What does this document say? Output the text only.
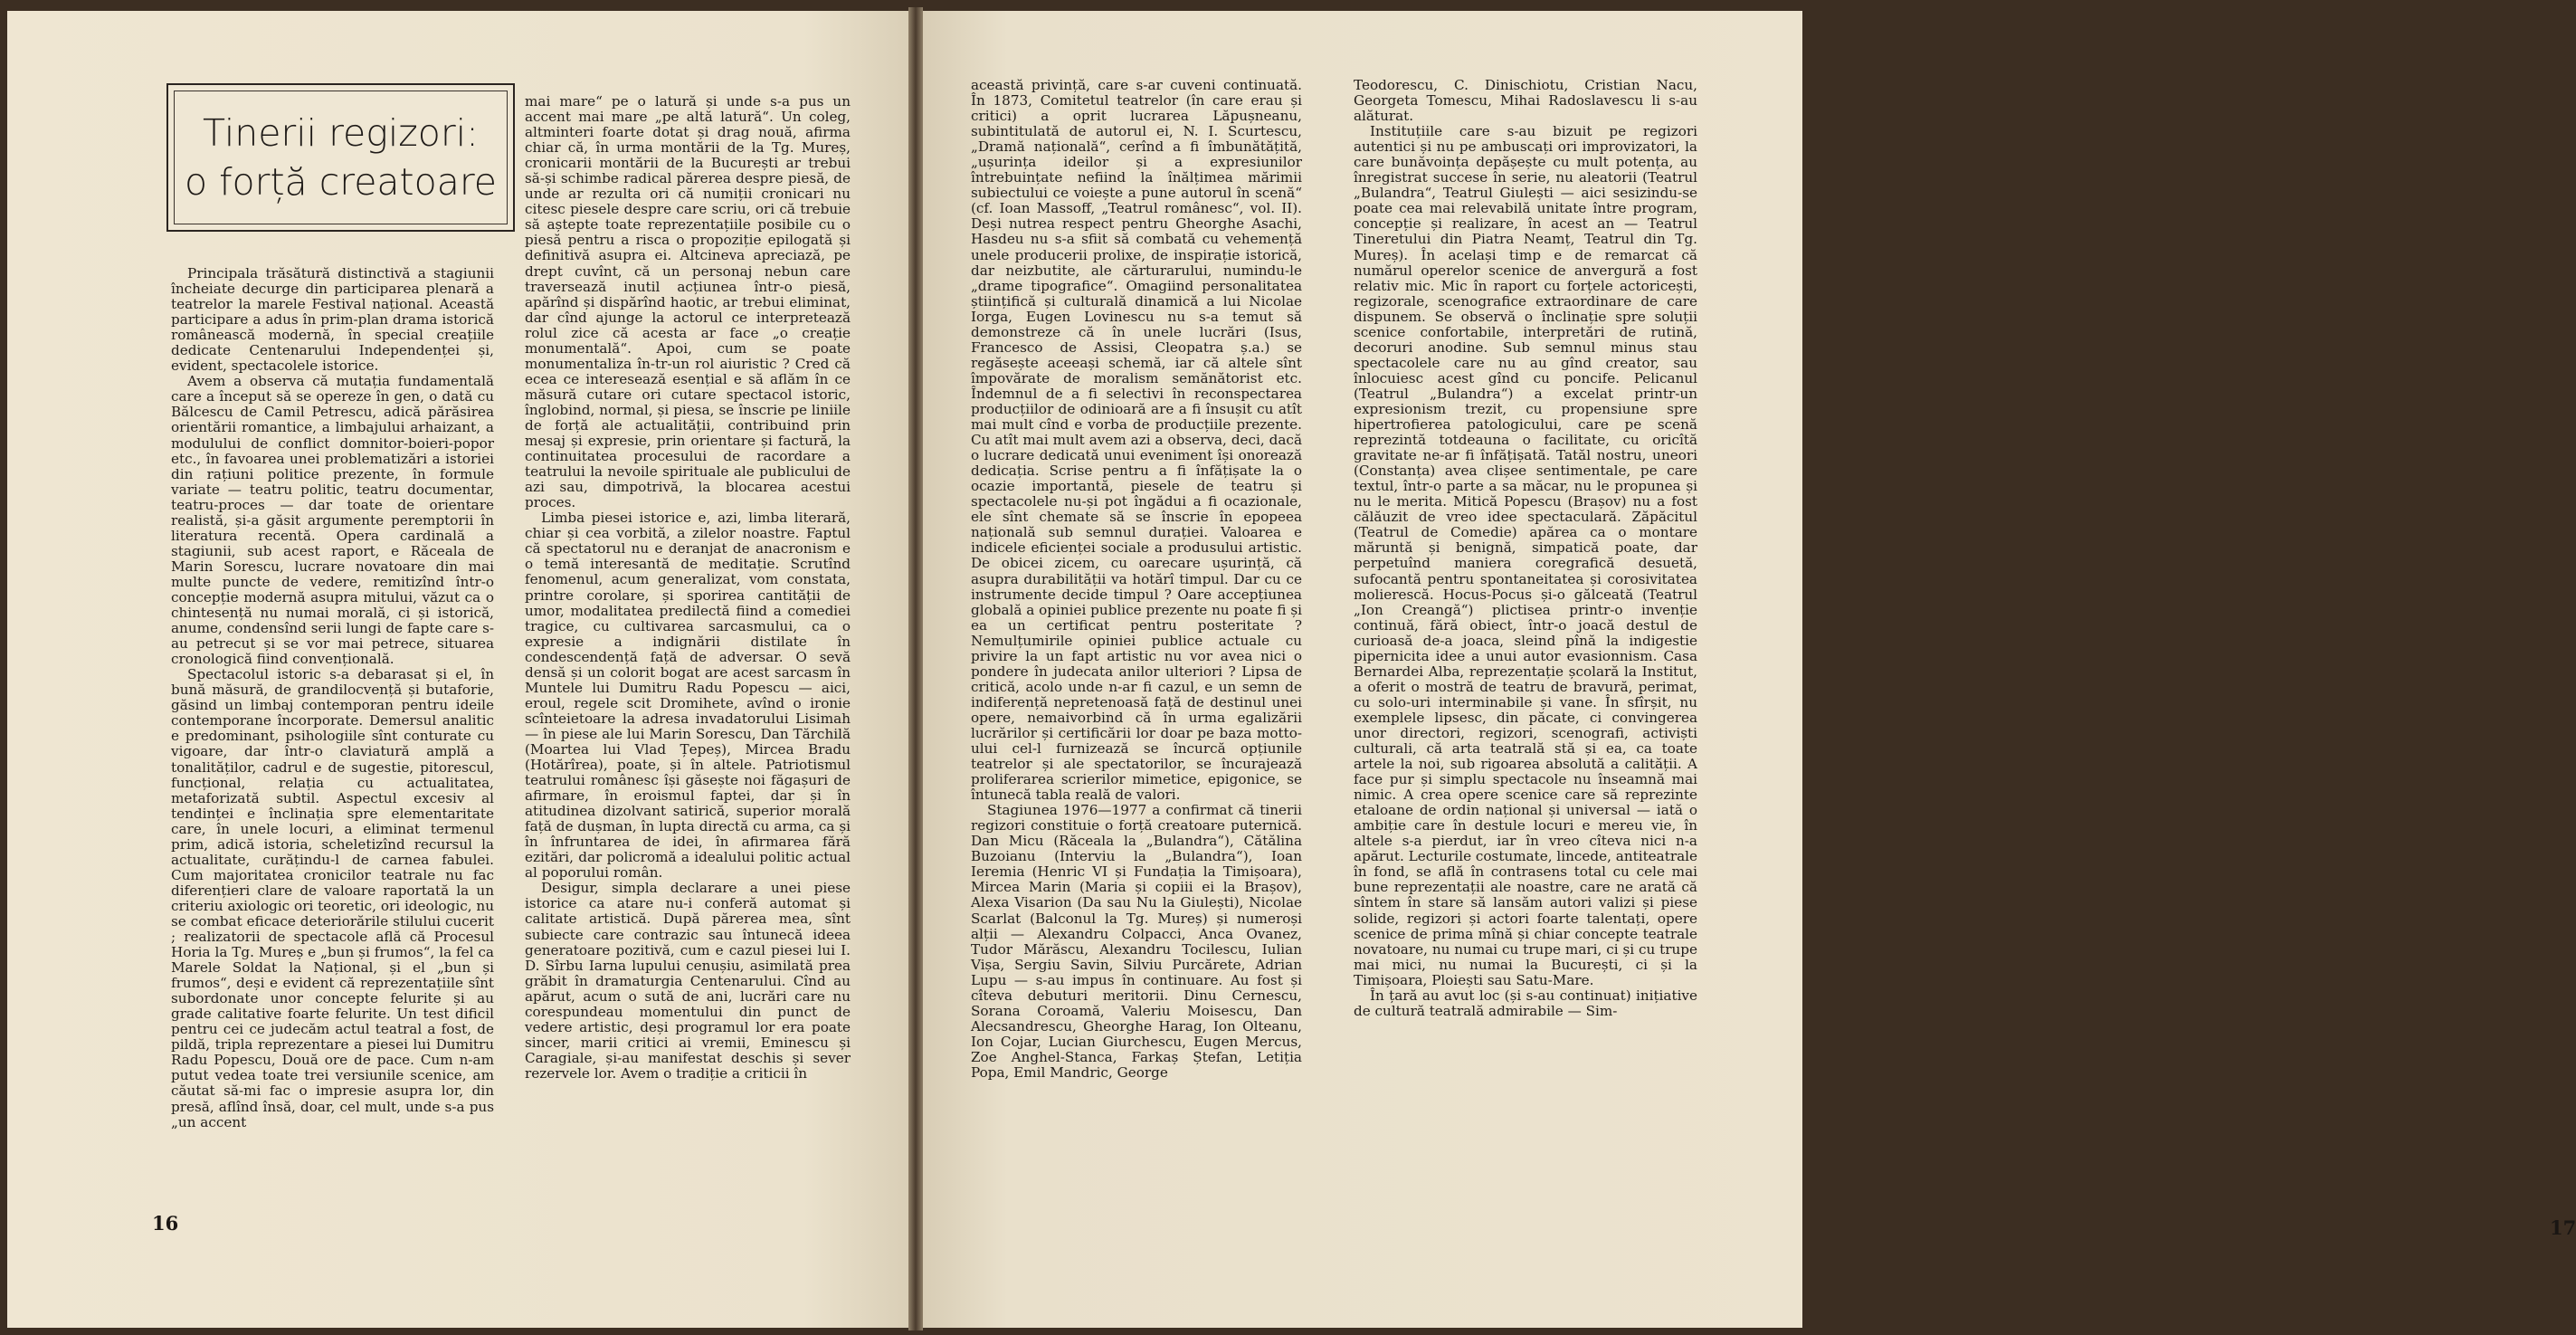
Tinerii regizori:
o forță creatoare
16	17

Principala trăsătură distinctivă a stagiunii încheiate decurge din participarea plenară a teatrelor la marele Festival național. Această participare a adus în prim-plan drama istorică românească modernă, în special creațiile dedicate Centenarului Independenței și, evident, spectacolele istorice.

Avem a observa că mutația fundamentală care a început să se opereze în gen, o dată cu Bălcescu de Camil Petrescu, adică părăsirea orientării romantice, a limbajului arhaizant, a modulului de conflict domnitor-boieri-popor etc., în favoarea unei problematizări a istoriei din rațiuni politice prezente, în formule variate — teatru politic, teatru documentar, teatru-proces — dar toate de orientare realistă, și-a găsit argumente peremptorii în literatura recentă. Opera cardinală a stagiunii, sub acest raport, e Răceala de Marin Sorescu, lucrare novatoare din mai multe puncte de vedere, remitizînd într-o concepție modernă asupra mitului, văzut ca o chintesență nu numai morală, ci și istorică, anume, condensînd serii lungi de fapte care s-au petrecut și se vor mai petrece, situarea cronologică fiind convențională.

Spectacolul istoric s-a debarasat și el, în bună măsură, de grandilocvență și butaforie, găsind un limbaj contemporan pentru ideile contemporane încorporate. Demersul analitic e predominant, psihologiile sînt conturate cu vigoare, dar într-o claviatură amplă a tonalităților, cadrul e de sugestie, pitorescul, funcțional, relația cu actualitatea, metaforizată subtil. Aspectul excesiv al tendinței e înclinația spre elementaritate care, în unele locuri, a eliminat termenul prim, adică istoria, scheletizînd recursul la actualitate, curățindu-l de carnea fabulei. Cum majoritatea cronicilor teatrale nu fac diferențieri clare de valoare raportată la un criteriu axiologic ori teoretic, ori ideologic, nu se combat eficace deteriorările stilului cucerit ; realizatorii de spectacole află că Procesul Horia la Tg. Mureș e „bun și frumos“, la fel ca Marele Soldat la Național, și el „bun și frumos“, deși e evident că reprezentațiile sînt subordonate unor concepte felurite și au grade calitative foarte felurite. Un test dificil pentru cei ce judecăm actul teatral a fost, de pildă, tripla reprezentare a piesei lui Dumitru Radu Popescu, Două ore de pace. Cum n-am putut vedea toate trei versiunile scenice, am căutat să-mi fac o impresie asupra lor, din presă, aflînd însă, doar, cel mult, unde s-a pus „un accent

mai mare“ pe o latură și unde s-a pus un accent mai mare „pe altă latură“. Un coleg, altminteri foarte dotat și drag nouă, afirma chiar că, în urma montării de la Tg. Mureș, cronicarii montării de la București ar trebui să-și schimbe radical părerea despre piesă, de unde ar rezulta ori că numiții cronicari nu citesc piesele despre care scriu, ori că trebuie să aștepte toate reprezentațiile posibile cu o piesă pentru a risca o propoziție epilogată și definitivă asupra ei. Altcineva apreciază, pe drept cuvînt, că un personaj nebun care traversează inutil acțiunea într-o piesă, apărînd și dispărînd haotic, ar trebui eliminat, dar cînd ajunge la actorul ce interpretează rolul zice că acesta ar face „o creație monumentală“. Apoi, cum se poate monumentaliza în-tr-un rol aiuristic ? Cred că ecea ce interesează esențial e să aflăm în ce măsură cutare ori cutare spectacol istoric, înglobind, normal, și piesa, se înscrie pe liniile de forță ale actualității, contribuind prin mesaj și expresie, prin orientare și factură, la continuitatea procesului de racordare a teatrului la nevoile spirituale ale publicului de azi sau, dimpotrivă, la blocarea acestui proces.

Limba piesei istorice e, azi, limba literară, chiar și cea vorbită, a zilelor noastre. Faptul că spectatorul nu e deranjat de anacronism e o temă interesantă de meditație. Scrutînd fenomenul, acum generalizat, vom constata, printre corolare, și sporirea cantității de umor, modalitatea predilectă fiind a comediei tragice, cu cultivarea sarcasmului, ca o expresie a indignării distilate în condescendență față de adversar. O sevă densă și un colorit bogat are acest sarcasm în Muntele lui Dumitru Radu Popescu — aici, eroul, regele scit Dromihete, avînd o ironie scînteietoare la adresa invadatorului Lisimah — în piese ale lui Marin Sorescu, Dan Tărchilă (Moartea lui Vlad Țepeș), Mircea Bradu (Hotărîrea), poate, și în altele. Patriotismul teatrului românesc își găsește noi făgașuri de afirmare, în eroismul faptei, dar și în atitudinea dizolvant satirică, superior morală față de dușman, în lupta directă cu arma, ca și în înfruntarea de idei, în afirmarea fără ezitări, dar policromă a idealului politic actual al poporului român.

Desigur, simpla declarare a unei piese istorice ca atare nu-i conferă automat și calitate artistică. După părerea mea, sînt subiecte care contrazic sau întunecă ideea generatoare pozitivă, cum e cazul piesei lui I. D. Sîrbu Iarna lupului cenușiu, asimilată prea grăbit în dramaturgia Centenarului. Cînd au apărut, acum o sută de ani, lucrări care nu corespundeau momentului din punct de vedere artistic, deși programul lor era poate sincer, marii critici ai vremii, Eminescu și Caragiale, și-au manifestat deschis și sever rezervele lor. Avem o tradiție a criticii în

această privință, care s-ar cuveni continuată. În 1873, Comitetul teatrelor (în care erau și critici) a oprit lucrarea Lăpușneanu, subintitulată de autorul ei, N. I. Scurtescu, „Dramă națională“, cerînd a fi îmbunătățită, „ușurința ideilor și a expresiunilor întrebuințate nefiind la înălțimea mărimii subiectului ce voiește a pune autorul în scenă“ (cf. Ioan Massoff, „Teatrul românesc“, vol. II). Deși nutrea respect pentru Gheorghe Asachi, Hasdeu nu s-a sfiit să combată cu vehemență unele producerii prolixe, de inspirație istorică, dar neizbutite, ale cărturarului, numindu-le „drame tipografice“. Omagiind personalitatea științifică și culturală dinamică a lui Nicolae Iorga, Eugen Lovinescu nu s-a temut să demonstreze că în unele lucrări (Isus, Francesco de Assisi, Cleopatra ș.a.) se regăsește aceeași schemă, iar că altele sînt împovărate de moralism semănătorist etc. Îndemnul de a fi selectivi în reconspectarea producțiilor de odinioară are a fi însușit cu atît mai mult cînd e vorba de producțiile prezente. Cu atît mai mult avem azi a observa, deci, dacă o lucrare dedicată unui eveniment își onorează dedicația. Scrise pentru a fi înfățișate la o ocazie importantă, piesele de teatru și spectacolele nu-și pot îngădui a fi ocazionale, ele sînt chemate să se înscrie în epopeea națională sub semnul durației. Valoarea e indicele eficienței sociale a produsului artistic. De obicei zicem, cu oarecare ușurință, că asupra durabilității va hotărî timpul. Dar cu ce instrumente decide timpul ? Oare accepțiunea globală a opiniei publice prezente nu poate fi și ea un certificat pentru posteritate ? Nemulțumirile opiniei publice actuale cu privire la un fapt artistic nu vor avea nici o pondere în judecata anilor ulteriori ? Lipsa de critică, acolo unde n-ar fi cazul, e un semn de indiferență nepretenoasă față de destinul unei opere, nemaivorbind că în urma egalizării lucrărilor și certificării lor doar pe baza motto-ului cel-l furnizează se încurcă opțiunile teatrelor și ale spectatorilor, se încurajează proliferarea scrierilor mimetice, epigonice, se întunecă tabla reală de valori.

Stagiunea 1976—1977 a confirmat că tinerii regizori constituie o forță creatoare puternică. Dan Micu (Răceala la „Bulandra“), Cătălina Buzoianu (Interviu la „Bulandra“), Ioan Ieremia (Henric VI și Fundația la Timișoara), Mircea Marin (Maria și copiii ei la Brașov), Alexa Visarion (Da sau Nu la Giulești), Nicolae Scarlat (Balconul la Tg. Mureș) și numeroși alții — Alexandru Colpacci, Anca Ovanez, Tudor Mărăscu, Alexandru Tocilescu, Iulian Vișa, Sergiu Savin, Silviu Purcărete, Adrian Lupu — s-au impus în continuare. Au fost și cîteva debuturi meritorii. Dinu Cernescu, Sorana Coroamă, Valeriu Moisescu, Dan Alecsandrescu, Gheorghe Harag, Ion Olteanu, Ion Cojar, Lucian Giurchescu, Eugen Mercus, Zoe Anghel-Stanca, Farkaș Ștefan, Letiția Popa, Emil Mandric, George

Teodorescu, C. Dinischiotu, Cristian Nacu, Georgeta Tomescu, Mihai Radoslavescu li s-au alăturat.

Instituțiile care s-au bizuit pe regizori autentici și nu pe ambuscați ori improvizatori, la care bunăvoința depășește cu mult potența, au înregistrat succese în serie, nu aleatorii (Teatrul „Bulandra“, Teatrul Giulești — aici sesizindu-se poate cea mai relevabilă unitate între program, concepție și realizare, în acest an — Teatrul Tineretului din Piatra Neamț, Teatrul din Tg. Mureș). În același timp e de remarcat că numărul operelor scenice de anvergură a fost relativ mic. Mic în raport cu forțele actoricești, regizorale, scenografice extraordinare de care dispunem. Se observă o înclinație spre soluții scenice confortabile, interpretări de rutină, decoruri anodine. Sub semnul minus stau spectacolele care nu au gînd creator, sau înlocuiesc acest gînd cu poncife. Pelicanul (Teatrul „Bulandra“) a excelat printr-un expresionism trezit, cu propensiune spre hipertrofierea patologicului, care pe scenă reprezintă totdeauna o facilitate, cu oricîtă gravitate ne-ar fi înfățișată. Tatăl nostru, uneori (Constanța) avea clișee sentimentale, pe care textul, într-o parte a sa măcar, nu le propunea și nu le merita. Mitică Popescu (Brașov) nu a fost călăuzit de vreo idee spectaculară. Zăpăcitul (Teatrul de Comedie) apărea ca o montare măruntă și benignă, simpatică poate, dar perpetuînd maniera coregrafică desuetă, sufocantă pentru spontaneitatea și corosivitatea molierescă. Hocus-Pocus și-o gălceată (Teatrul „Ion Creangă“) plictisea printr-o invenție continuă, fără obiect, într-o joacă destul de curioasă de-a joaca, sleind pînă la indigestie pipernicita idee a unui autor evasionnism. Casa Bernardei Alba, reprezentație școlară la Institut, a oferit o mostră de teatru de bravură, perimat, cu solo-uri interminabile și vane. În sfîrșit, nu exemplele lipsesc, din păcate, ci convingerea unor directori, regizori, scenografi, activiști culturali, că arta teatrală stă și ea, ca toate artele la noi, sub rigoarea absolută a calității. A face pur și simplu spectacole nu înseamnă mai nimic. A crea opere scenice care să reprezinte etaloane de ordin național și universal — iată o ambiție care în destule locuri e mereu vie, în altele s-a pierdut, iar în vreo cîteva nici n-a apărut. Lecturile costumate, lincede, antiteatrale în fond, se află în contrasens total cu cele mai bune reprezentații ale noastre, care ne arată că sîntem în stare să lansăm autori valizi și piese solide, regizori și actori foarte talentați, opere scenice de prima mînă și chiar concepte teatrale novatoare, nu numai cu trupe mari, ci și cu trupe mai mici, nu numai la București, ci și la Timișoara, Ploiești sau Satu-Mare.

În țară au avut loc (și s-au continuat) inițiative de cultură teatrală admirabile — Sim-
